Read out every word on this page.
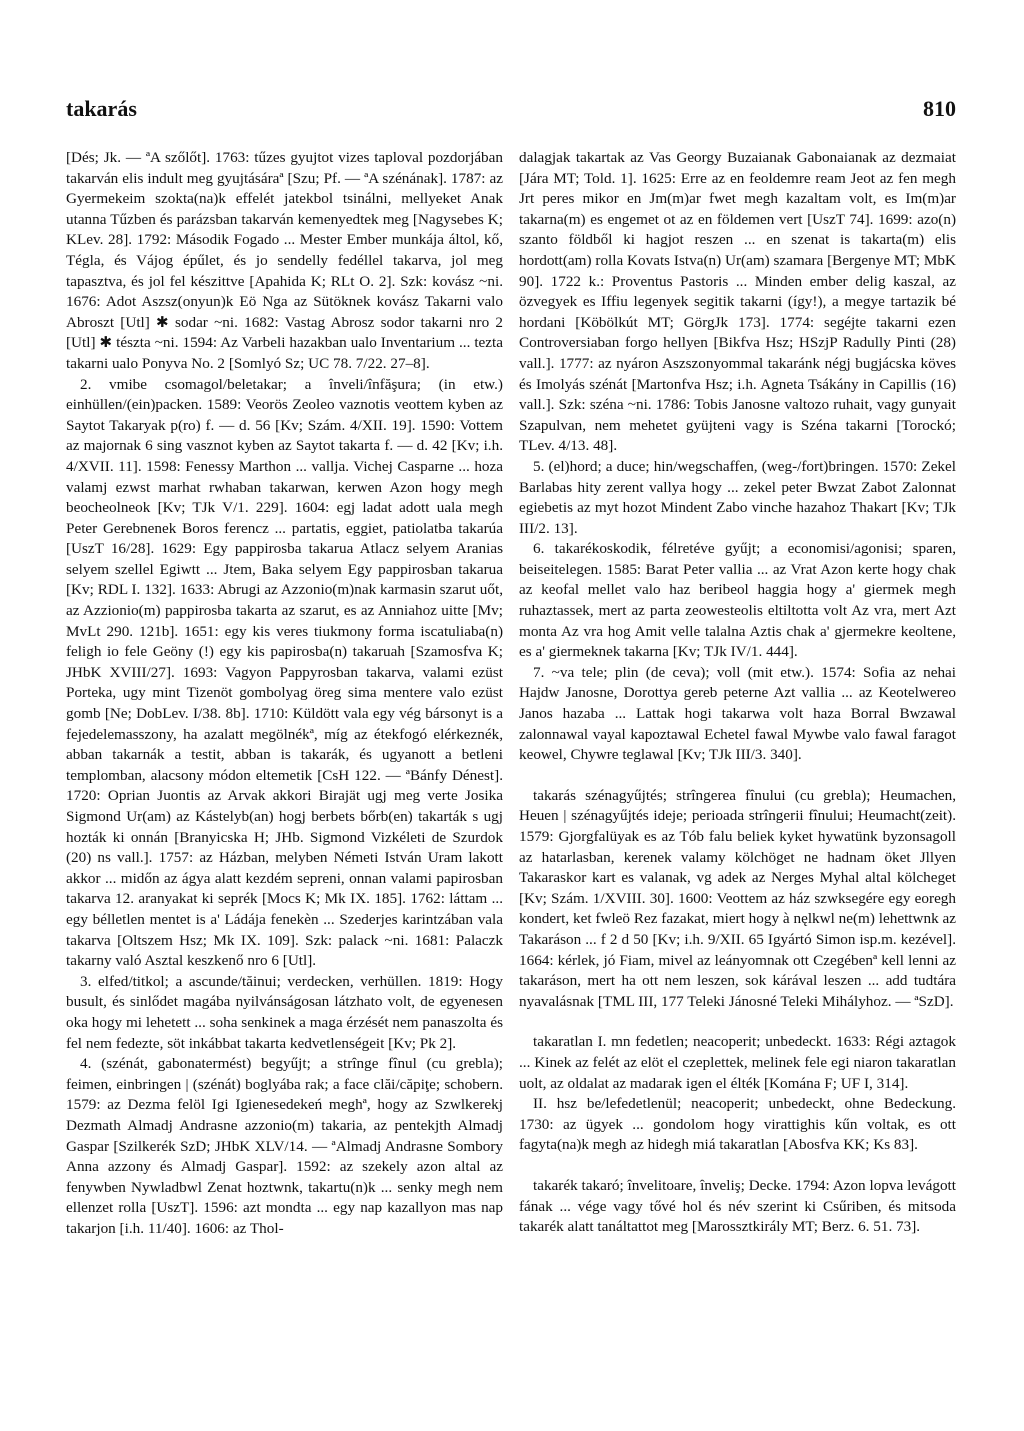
takarás	810

[Dés; Jk. — ªA szőlőt]. 1763: tűzes gyujtot vizes taploval pozdorjában takarván elis indult meg gyujtásáraª [Szu; Pf. — ªA szénának]. 1787: az Gyermekeim szokta(na)k effelét jatekbol tsinálni, mellyeket Anak utanna Tűzben és parázsban takarván kemenyedtek meg [Nagysebes K; KLev. 28]. 1792: Második Fogado ... Mester Ember munkája áltol, kő, Tégla, és Vájog épűlet, és jo sendelly fedéllel takarva, jol meg tapasztva, és jol fel készittve [Apahida K; RLt O. 2]. Szk: kovász ~ni. 1676: Adot Aszsz(onyun)k Eö Nga az Sütöknek kovász Takarni valo Abroszt [Utl] ✱ sodar ~ni. 1682: Vastag Abrosz sodor takarni nro 2 [Utl] ✱ tészta ~ni. 1594: Az Varbeli hazakban ualo Inventarium ... tezta takarni ualo Ponyva No. 2 [Somlyó Sz; UC 78. 7/22. 27–8].

2. vmibe csomagol/beletakar; a înveli/înfăşura; (in etw.) einhüllen/(ein)packen. 1589: Veorös Zeoleo vaznotis veottem kyben az Saytot Takaryak p(ro) f. — d. 56 [Kv; Szám. 4/XII. 19]. 1590: Vottem az majornak 6 sing vasznot kyben az Saytot takarta f. — d. 42 [Kv; i.h. 4/XVII. 11]. 1598: Fenessy Marthon ... vallja. Vichej Casparne ... hoza valamj ezwst marhat rwhaban takarwan, kerwen Azon hogy megh beocheolneok [Kv; TJk V/1. 229]. 1604: egj ladat adott uala megh Peter Gerebnenek Boros ferencz ... partatis, eggiet, patiolatba takarúa [UszT 16/28]. 1629: Egy pappirosba takarua Atlacz selyem Aranias selyem szellel Egiwtt ... Jtem, Baka selyem Egy pappirosban takarua [Kv; RDL I. 132]. 1633: Abrugi az Azzonio(m)nak karmasin szarut uőt, az Azzionio(m) pappirosba takarta az szarut, es az Anniahoz uitte [Mv; MvLt 290. 121b]. 1651: egy kis veres tiukmony forma iscatuliaba(n) feligh io fele Geöny (!) egy kis papirosba(n) takaruah [Szamosfva K; JHbK XVIII/27]. 1693: Vagyon Pappyrosban takarva, valami ezüst Porteka, ugy mint Tizenöt gombolyag öreg sima mentere valo ezüst gomb [Ne; DobLev. I/38. 8b]. 1710: Küldött vala egy vég bársonyt is a fejedelemasszony, ha azalatt megölnékª, míg az étekfogó elérkeznék, abban takarnák a testit, abban is takarák, és ugyanott a betleni templomban, alacsony módon eltemetik [CsH 122. — ªBánfy Dénest]. 1720: Oprian Juontis az Arvak akkori Birajät ugj meg verte Josika Sigmond Ur(am) az Kástelyb(an) hogj berbets bőrb(en) takarták s ugj hozták ki onnán [Branyicska H; JHb. Sigmond Vizkéleti de Szurdok (20) ns vall.]. 1757: az Házban, melyben Németi István Uram lakott akkor ... midőn az ágya alatt kezdém sepreni, onnan valami papirosban takarva 12. aranyakat ki seprék [Mocs K; Mk IX. 185]. 1762: láttam ... egy bélletlen mentet is a' Ládája fenekèn ... Szederjes karintzában vala takarva [Oltszem Hsz; Mk IX. 109]. Szk: palack ~ni. 1681: Palaczk takarny való Asztal keszkenő nro 6 [Utl].

3. elfed/titkol; a ascunde/tăinui; verdecken, verhüllen. 1819: Hogy busult, és sinlődet magába nyilvánságosan látzhato volt, de egyenesen oka hogy mi lehetett ... soha senkinek a maga érzését nem panaszolta és fel nem fedezte, söt inkábbat takarta kedvetlenségeit [Kv; Pk 2].

4. (szénát, gabonatermést) begyűjt; a strînge fînul (cu grebla); feimen, einbringen | (szénát) boglyába rak; a face clăi/căpiţe; schobern. 1579: az Dezma felöl Igi Igienesedekeń meghª, hogy az Szwlkerekj Dezmath Almadj Andrasne azzonio(m) takaria, az pentekjth Almadj Gaspar [Szilkerék SzD; JHbK XLV/14. — ªAlmadj Andrasne Sombory Anna azzony és Almadj Gaspar]. 1592: az szekely azon altal az fenywben Nywladbwl Zenat hoztwnk, takartu(n)k ... senky megh nem ellenzet rolla [UszT]. 1596: azt mondta ... egy nap kazallyon mas nap takarjon [i.h. 11/40]. 1606: az Thol-

dalagjak takartak az Vas Georgy Buzaianak Gabonaianak az dezmaiat [Jára MT; Told. 1]. 1625: Erre az en feoldemre ream Jeot az fen megh Jrt peres mikor en Jm(m)ar fwet megh kazaltam volt, es Im(m)ar takarna(m) es engemet ot az en földemen vert [UszT 74]. 1699: azo(n) szanto földből ki hagjot reszen ... en szenat is takarta(m) elis hordott(am) rolla Kovats Istva(n) Ur(am) szamara [Bergenye MT; MbK 90]. 1722 k.: Proventus Pastoris ... Minden ember delig kaszal, az özvegyek es Iffiu legenyek segitik takarni (így!), a megye tartazik bé hordani [Köbölkút MT; GörgJk 173]. 1774: segéjte takarni ezen Controversiaban forgo hellyen [Bikfva Hsz; HSzjP Radully Pinti (28) vall.]. 1777: az nyáron Aszszonyommal takaránk négj bugjácska köves és Imolyás szénát [Martonfva Hsz; i.h. Agneta Tsákány in Capillis (16) vall.]. Szk: széna ~ni. 1786: Tobis Janosne valtozo ruhait, vagy gunyait Szapulvan, nem mehetet gyüjteni vagy is Széna takarni [Torockó; TLev. 4/13. 48].

5. (el)hord; a duce; hin/wegschaffen, (weg-/fort)bringen. 1570: Zekel Barlabas hity zerent vallya hogy ... zekel peter Bwzat Zabot Zalonnat egiebetis az myt hozot Mindent Zabo vinche hazahoz Thakart [Kv; TJk III/2. 13].

6. takarékoskodik, félretéve gyűjt; a economisi/agonisi; sparen, beiseitelegen. 1585: Barat Peter vallia ... az Vrat Azon kerte hogy chak az keofal mellet valo haz beribeol haggia hogy a' giermek megh ruhaztassek, mert az parta zeowesteolis eltiltotta volt Az vra, mert Azt monta Az vra hog Amit velle talalna Aztis chak a' gjermekre keoltene, es a' giermeknek takarna [Kv; TJk IV/1. 444].

7. ~va tele; plin (de ceva); voll (mit etw.). 1574: Sofia az nehai Hajdw Janosne, Dorottya gereb peterne Azt vallia ... az Keotelwereo Janos hazaba ... Lattak hogi takarwa volt haza Borral Bwzawal zalonnawal vayal kapoztawal Echetel fawal Mywbe valo fawal faragot keowel, Chywre teglawal [Kv; TJk III/3. 340].

takarás szénagyűjtés; strîngerea fînului (cu grebla); Heumachen, Heuen | szénagyűjtés ideje; perioada strîngerii fînului; Heumacht(zeit). 1579: Gjorgfalüyak es az Tób falu beliek kyket hywatünk byzonsagoll az hatarlasban, kerenek valamy kölchöget ne hadnam öket Jllyen Takaraskor kart es valanak, vg adek az Nerges Myhal altal kölcheget [Kv; Szám. 1/XVIII. 30]. 1600: Veottem az ház szwksegére egy eoregh kondert, ket fwleö Rez fazakat, miert hogy à nęlkwl ne(m) lehettwnk az Takaráson ... f 2 d 50 [Kv; i.h. 9/XII. 65 Igyártó Simon isp.m. kezével]. 1664: kérlek, jó Fiam, mivel az leányomnak ott Czegébenª kell lenni az takaráson, mert ha ott nem leszen, sok kárával leszen ... add tudtára nyavalásnak [TML III, 177 Teleki Jánosné Teleki Mihályhoz. — ªSzD].

takaratlan I. mn fedetlen; neacoperit; unbedeckt. 1633: Régi aztagok ... Kinek az felét az elöt el czeplettek, melinek fele egi niaron takaratlan uolt, az oldalat az madarak igen el élték [Komána F; UF I, 314].

II. hsz be/lefedetlenül; neacoperit; unbedeckt, ohne Bedeckung. 1730: az ügyek ... gondolom hogy virattighis kűn voltak, es ott fagyta(na)k megh az hidegh miá takaratlan [Abosfva KK; Ks 83].

takarék takaró; învelitoare, înveliş; Decke. 1794: Azon lopva levágott fának ... vége vagy tővé hol és név szerint ki Csűriben, és mitsoda takarék alatt tanáltattot meg [Marossztkirály MT; Berz. 6. 51. 73].
